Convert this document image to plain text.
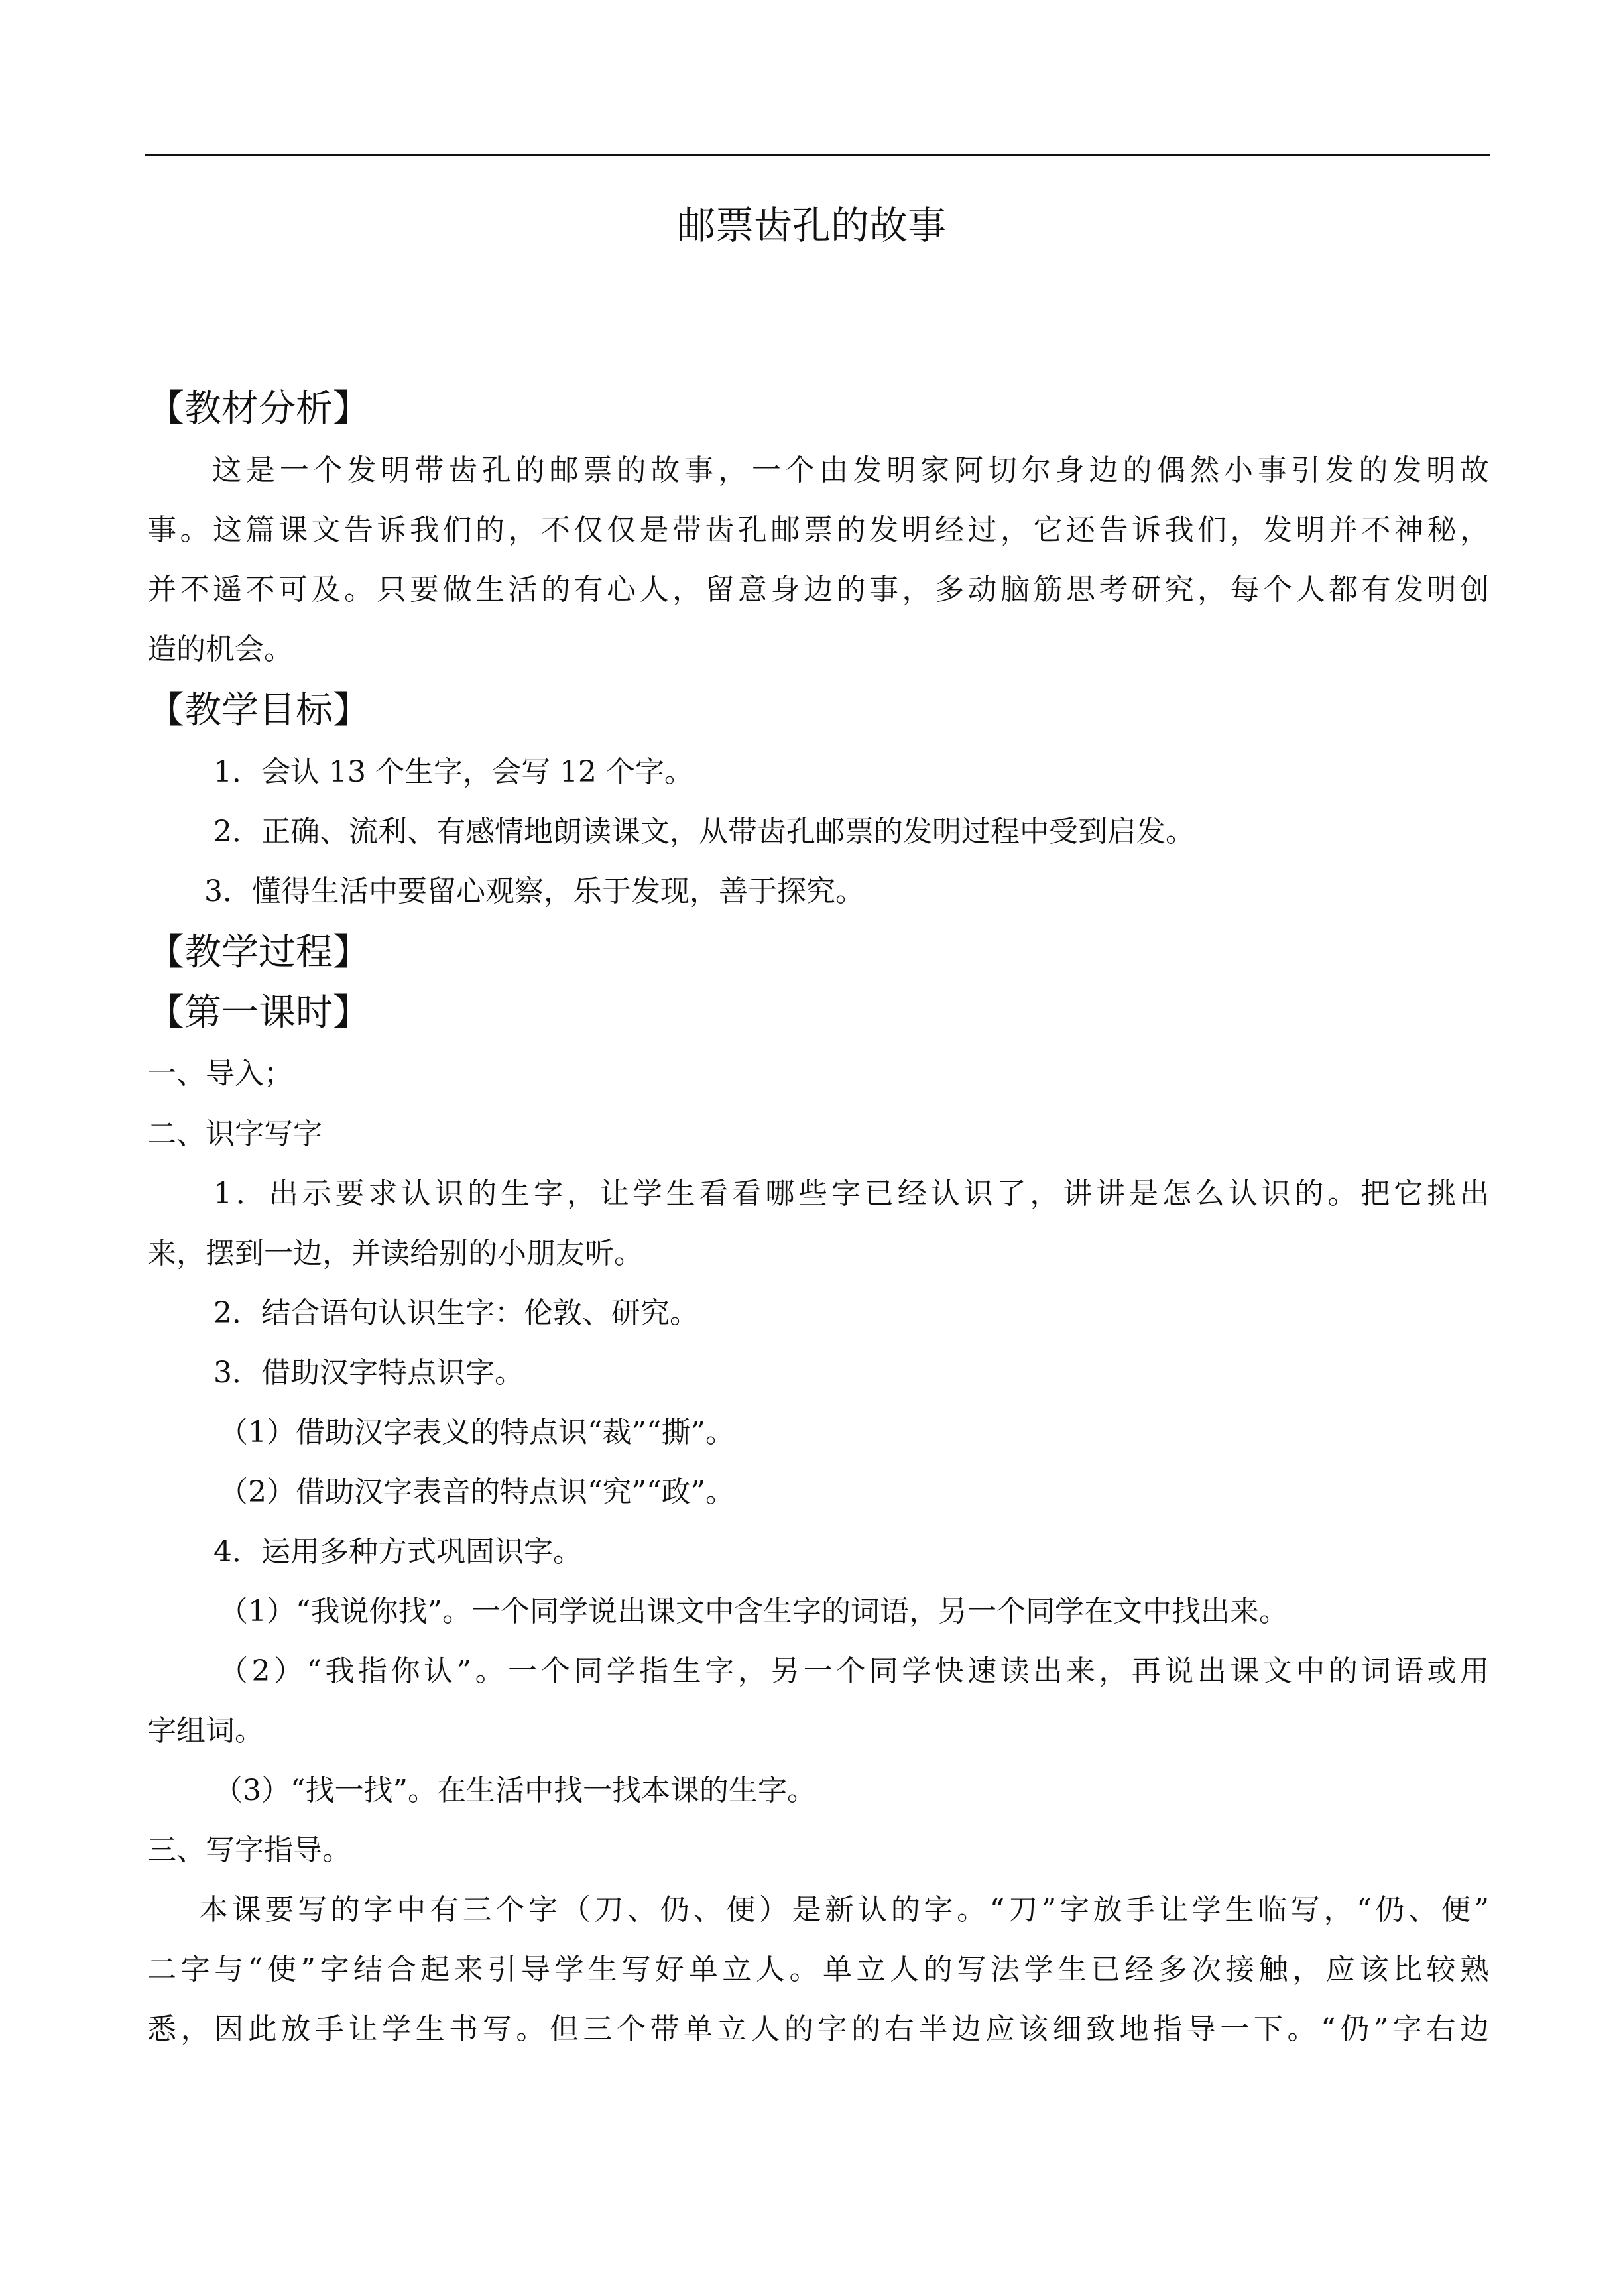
邮票齿孔的故事
【教材分析】
这是一个发明带齿孔的邮票的故事，一个由发明家阿切尔身边的偶然小事引发的发明故
事。这篇课文告诉我们的，不仅仅是带齿孔邮票的发明经过，它还告诉我们，发明并不神秘，
并不遥不可及。只要做生活的有心人，留意身边的事，多动脑筋思考研究，每个人都有发明创
造的机会。
【教学目标】
1．会认 13 个生字，会写 12 个字。
2．正确、流利、有感情地朗读课文，从带齿孔邮票的发明过程中受到启发。
3．懂得生活中要留心观察，乐于发现，善于探究。
【教学过程】
【第一课时】
一、导入；
二、识字写字
1．出示要求认识的生字，让学生看看哪些字已经认识了，讲讲是怎么认识的。把它挑出
来，摆到一边，并读给别的小朋友听。
2．结合语句认识生字：伦敦、研究。
3．借助汉字特点识字。
（1）借助汉字表义的特点识“裁”“撕”。
（2）借助汉字表音的特点识“究”“政”。
4．运用多种方式巩固识字。
（1）“我说你找”。一个同学说出课文中含生字的词语，另一个同学在文中找出来。
（2）“我指你认”。一个同学指生字，另一个同学快速读出来，再说出课文中的词语或用
字组词。
（3）“找一找”。在生活中找一找本课的生字。
三、写字指导。
本课要写的字中有三个字（刀、仍、便）是新认的字。“刀”字放手让学生临写，“仍、便”
二字与“使”字结合起来引导学生写好单立人。单立人的写法学生已经多次接触，应该比较熟
悉，因此放手让学生书写。但三个带单立人的字的右半边应该细致地指导一下。“仍”字右边
